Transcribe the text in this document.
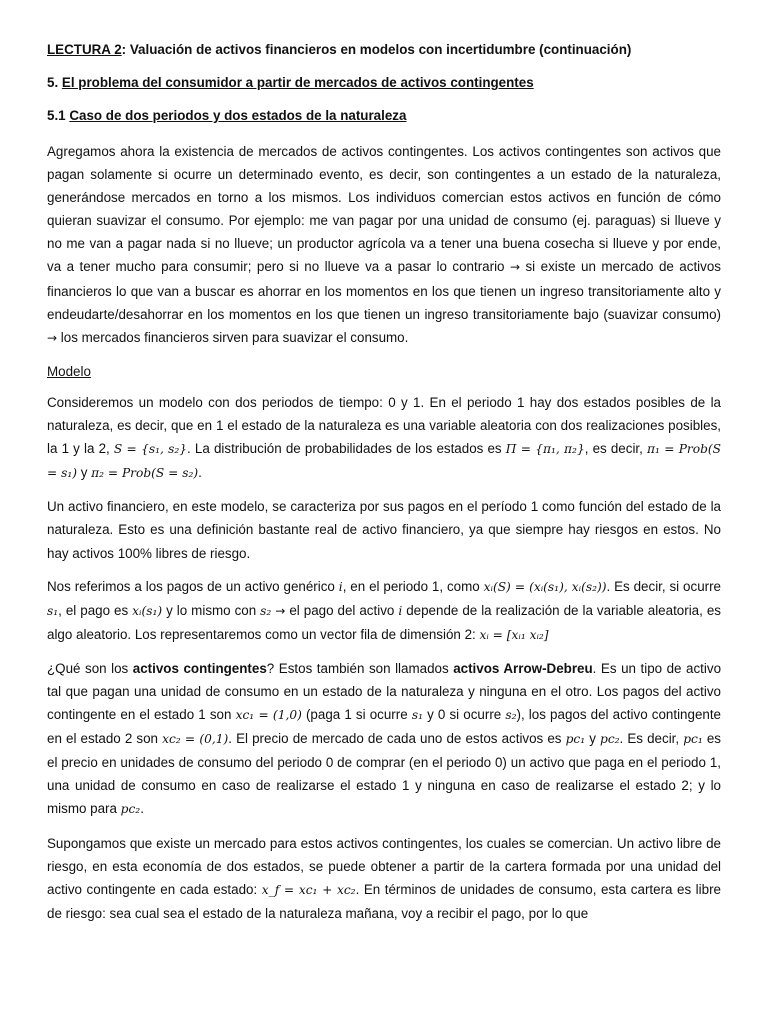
LECTURA 2: Valuación de activos financieros en modelos con incertidumbre (continuación)
5. El problema del consumidor a partir de mercados de activos contingentes
5.1 Caso de dos periodos y dos estados de la naturaleza
Agregamos ahora la existencia de mercados de activos contingentes. Los activos contingentes son activos que pagan solamente si ocurre un determinado evento, es decir, son contingentes a un estado de la naturaleza, generándose mercados en torno a los mismos. Los individuos comercian estos activos en función de cómo quieran suavizar el consumo. Por ejemplo: me van pagar por una unidad de consumo (ej. paraguas) si llueve y no me van a pagar nada si no llueve; un productor agrícola va a tener una buena cosecha si llueve y por ende, va a tener mucho para consumir; pero si no llueve va a pasar lo contrario → si existe un mercado de activos financieros lo que van a buscar es ahorrar en los momentos en los que tienen un ingreso transitoriamente alto y endeudarte/desahorrar en los momentos en los que tienen un ingreso transitoriamente bajo (suavizar consumo) → los mercados financieros sirven para suavizar el consumo.
Modelo
Consideremos un modelo con dos periodos de tiempo: 0 y 1. En el periodo 1 hay dos estados posibles de la naturaleza, es decir, que en 1 el estado de la naturaleza es una variable aleatoria con dos realizaciones posibles, la 1 y la 2, S = {s₁, s₂}. La distribución de probabilidades de los estados es Π = {π₁, π₂}, es decir, π₁ = Prob(S = s₁) y π₂ = Prob(S = s₂).
Un activo financiero, en este modelo, se caracteriza por sus pagos en el período 1 como función del estado de la naturaleza. Esto es una definición bastante real de activo financiero, ya que siempre hay riesgos en estos. No hay activos 100% libres de riesgo.
Nos referimos a los pagos de un activo genérico i, en el periodo 1, como xᵢ(S) = (xᵢ(s₁), xᵢ(s₂)). Es decir, si ocurre s₁, el pago es xᵢ(s₁) y lo mismo con s₂ → el pago del activo i depende de la realización de la variable aleatoria, es algo aleatorio. Los representaremos como un vector fila de dimensión 2: xᵢ = [xᵢ₁ xᵢ₂]
¿Qué son los activos contingentes? Estos también son llamados activos Arrow-Debreu. Es un tipo de activo tal que pagan una unidad de consumo en un estado de la naturaleza y ninguna en el otro. Los pagos del activo contingente en el estado 1 son xc₁ = (1,0) (paga 1 si ocurre s₁ y 0 si ocurre s₂), los pagos del activo contingente en el estado 2 son xc₂ = (0,1). El precio de mercado de cada uno de estos activos es pc₁ y pc₂. Es decir, pc₁ es el precio en unidades de consumo del periodo 0 de comprar (en el periodo 0) un activo que paga en el periodo 1, una unidad de consumo en caso de realizarse el estado 1 y ninguna en caso de realizarse el estado 2; y lo mismo para pc₂.
Supongamos que existe un mercado para estos activos contingentes, los cuales se comercian. Un activo libre de riesgo, en esta economía de dos estados, se puede obtener a partir de la cartera formada por una unidad del activo contingente en cada estado: x_f = xc₁ + xc₂. En términos de unidades de consumo, esta cartera es libre de riesgo: sea cual sea el estado de la naturaleza mañana, voy a recibir el pago, por lo que
